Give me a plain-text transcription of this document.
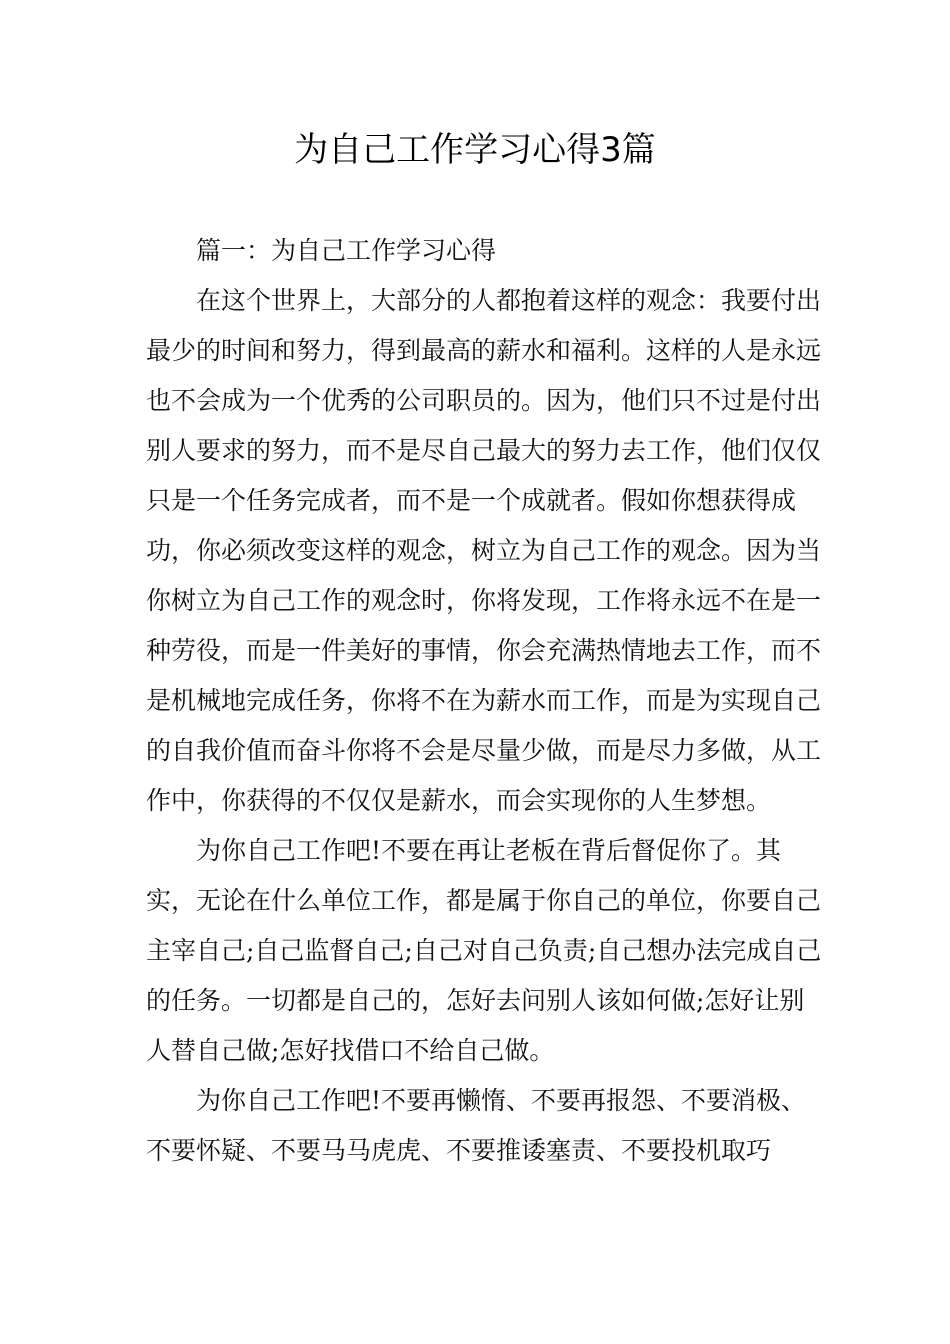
为自己工作学习心得3篇

篇一：为自己工作学习心得

在这个世界上，大部分的人都抱着这样的观念：我要付出最少的时间和努力，得到最高的薪水和福利。这样的人是永远也不会成为一个优秀的公司职员的。因为，他们只不过是付出别人要求的努力，而不是尽自己最大的努力去工作，他们仅仅只是一个任务完成者，而不是一个成就者。假如你想获得成功，你必须改变这样的观念，树立为自己工作的观念。因为当你树立为自己工作的观念时，你将发现，工作将永远不在是一种劳役，而是一件美好的事情，你会充满热情地去工作，而不是机械地完成任务，你将不在为薪水而工作，而是为实现自己的自我价值而奋斗你将不会是尽量少做，而是尽力多做，从工作中，你获得的不仅仅是薪水，而会实现你的人生梦想。

为你自己工作吧!不要在再让老板在背后督促你了。其实，无论在什么单位工作，都是属于你自己的单位，你要自己主宰自己;自己监督自己;自己对自己负责;自己想办法完成自己的任务。一切都是自己的，怎好去问别人该如何做;怎好让别人替自己做;怎好找借口不给自己做。

为你自己工作吧!不要再懒惰、不要再报怨、不要消极、不要怀疑、不要马马虎虎、不要推诿塞责、不要投机取巧
